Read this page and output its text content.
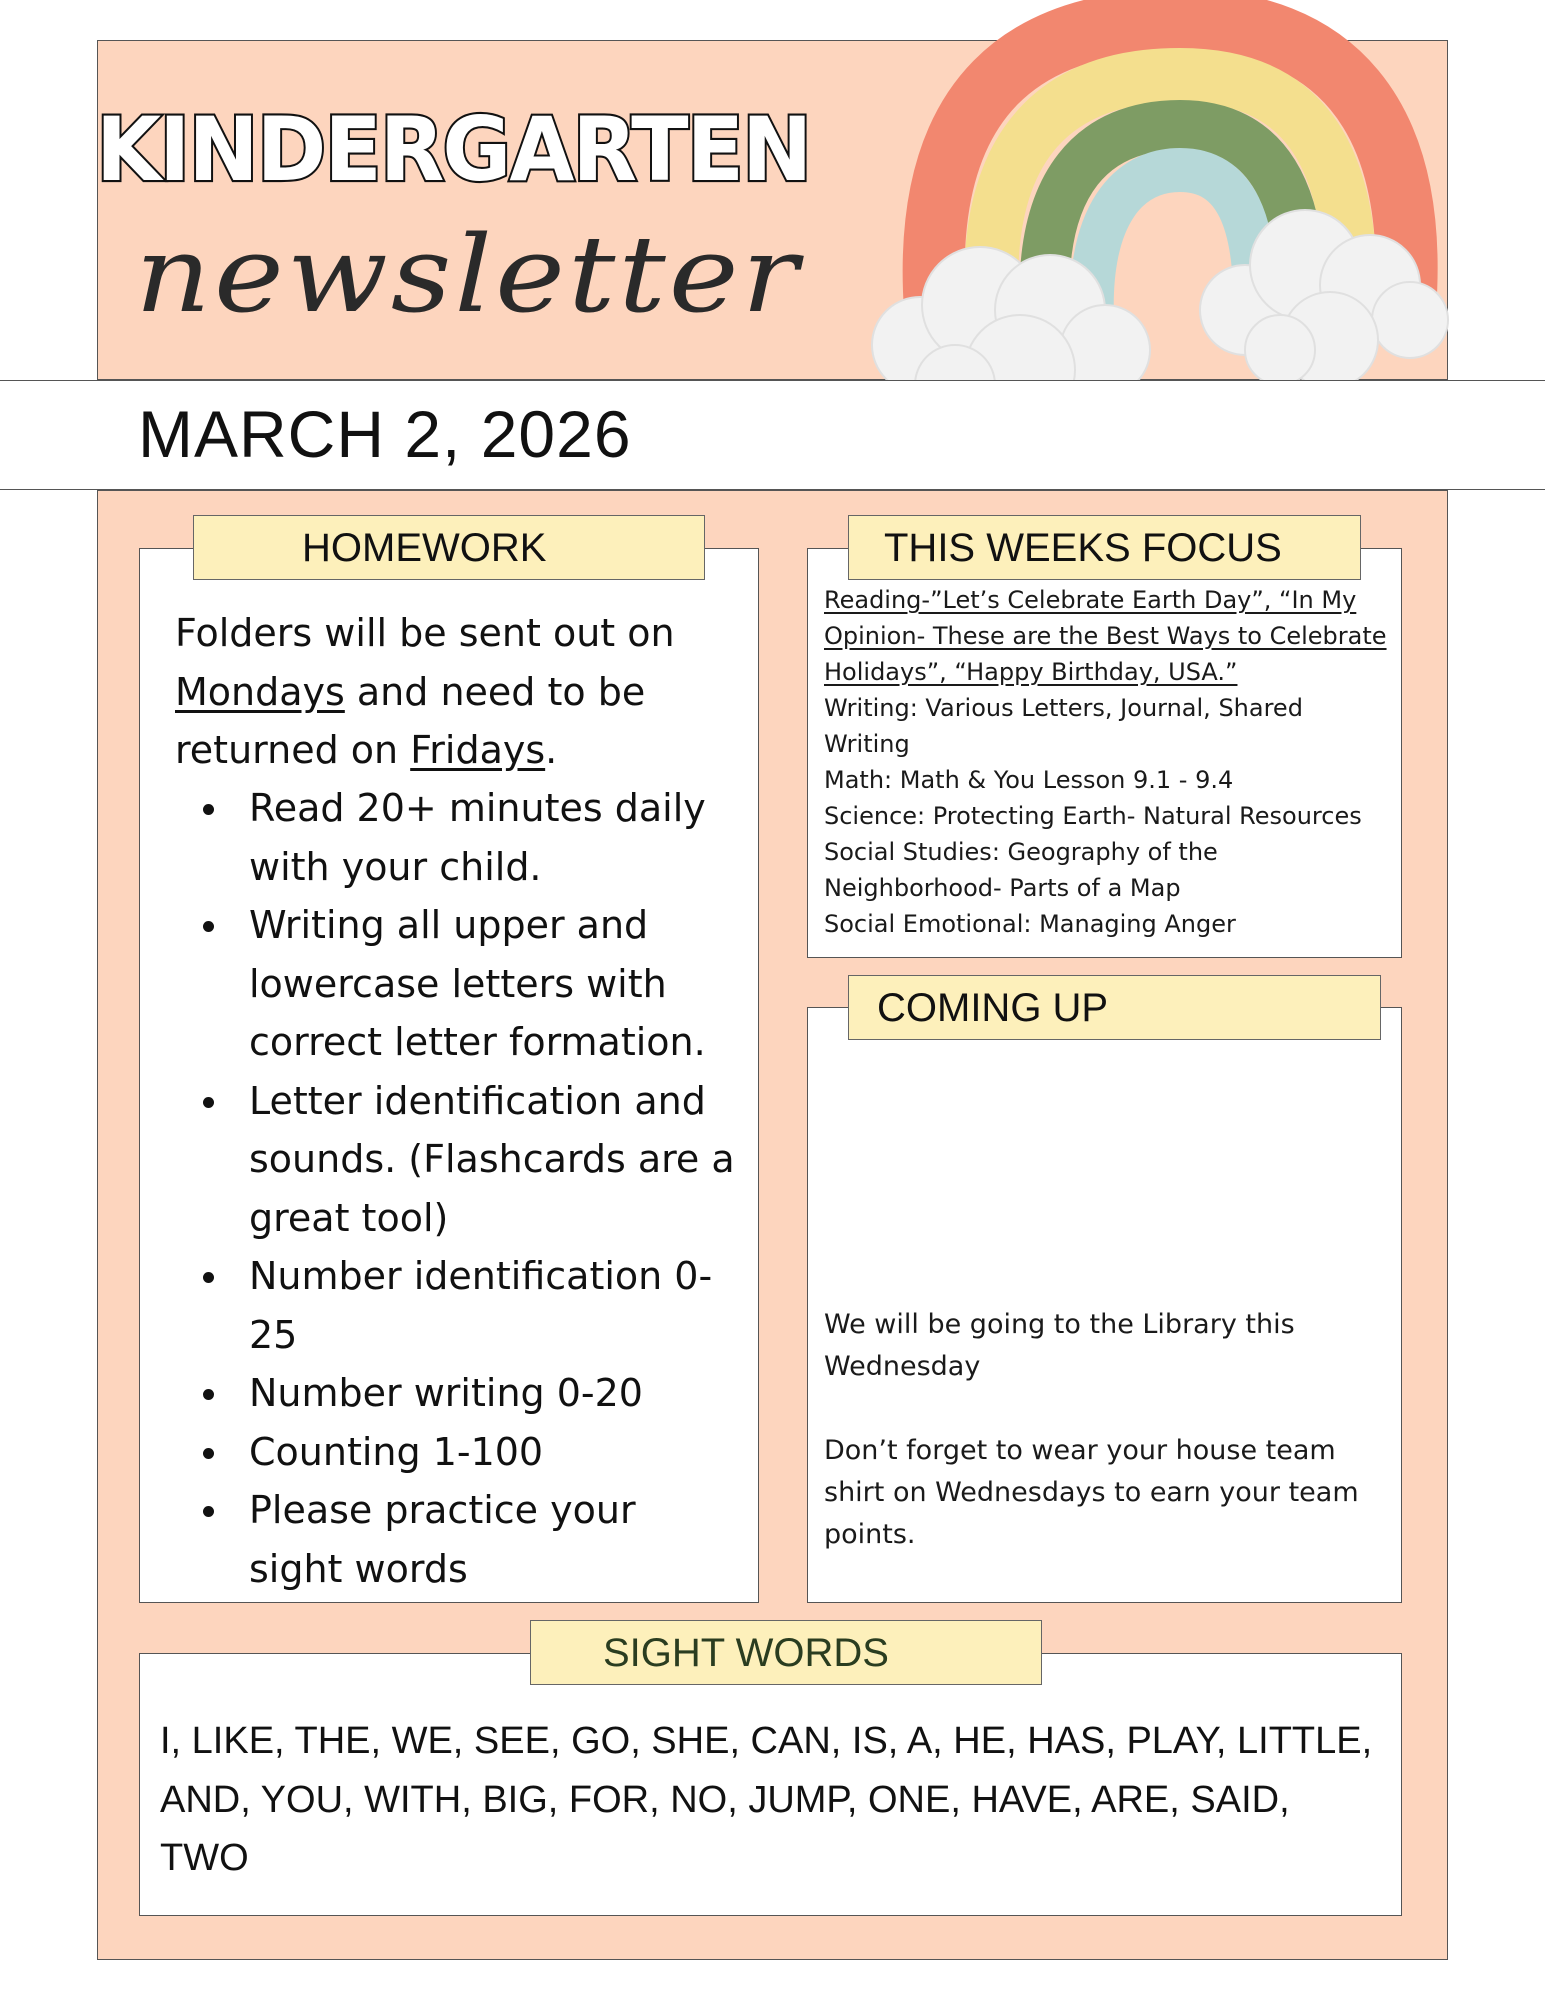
KINDERGARTEN
newsletter
MARCH 2, 2026
HOMEWORK
Folders will be sent out on Mondays and need to be returned on Fridays.
Read 20+ minutes daily with your child.
Writing all upper and lowercase letters with correct letter formation.
Letter identification and sounds. (Flashcards are a great tool)
Number identification 0-25
Number writing 0-20
Counting 1-100
Please practice your sight words
THIS WEEKS FOCUS
Reading-”Let’s Celebrate Earth Day”, “In My Opinion- These are the Best Ways to Celebrate Holidays”, “Happy Birthday, USA.”
Writing: Various Letters, Journal, Shared Writing
Math: Math & You Lesson 9.1 - 9.4
Science: Protecting Earth- Natural Resources
Social Studies: Geography of the Neighborhood- Parts of a Map
Social Emotional: Managing Anger
COMING UP
We will be going to the Library this Wednesday
Don’t forget to wear your house team shirt on Wednesdays to earn your team points.
SIGHT WORDS
I, LIKE, THE, WE, SEE, GO, SHE, CAN, IS, A, HE, HAS, PLAY, LITTLE, AND, YOU, WITH, BIG, FOR, NO, JUMP, ONE, HAVE, ARE, SAID, TWO
